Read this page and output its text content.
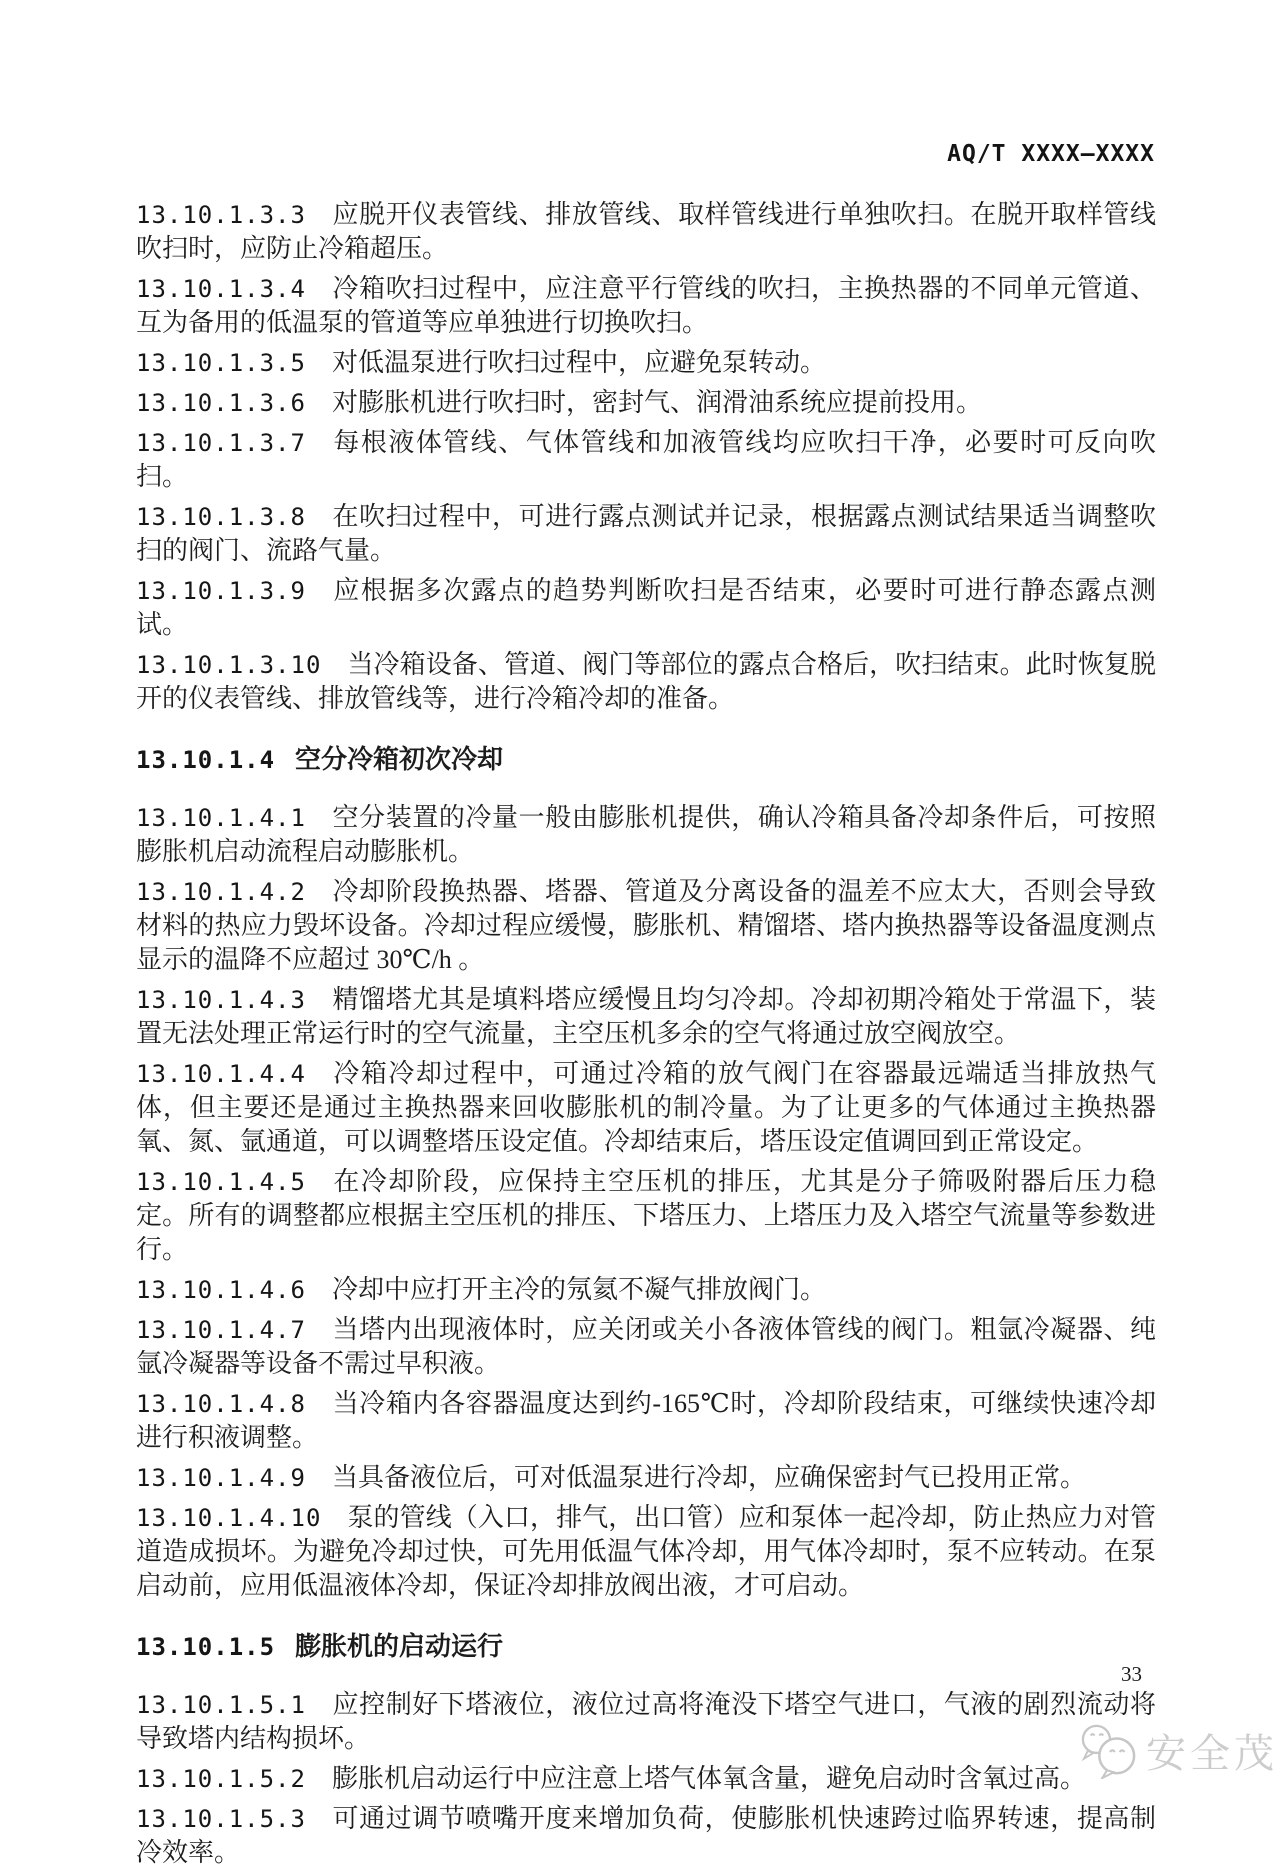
AQ/T XXXX—XXXX

13.10.1.3.3 应脱开仪表管线、排放管线、取样管线进行单独吹扫。在脱开取样管线吹扫时，应防止冷箱超压。

13.10.1.3.4 冷箱吹扫过程中，应注意平行管线的吹扫，主换热器的不同单元管道、互为备用的低温泵的管道等应单独进行切换吹扫。

13.10.1.3.5 对低温泵进行吹扫过程中，应避免泵转动。

13.10.1.3.6 对膨胀机进行吹扫时，密封气、润滑油系统应提前投用。

13.10.1.3.7 每根液体管线、气体管线和加液管线均应吹扫干净，必要时可反向吹扫。

13.10.1.3.8 在吹扫过程中，可进行露点测试并记录，根据露点测试结果适当调整吹扫的阀门、流路气量。

13.10.1.3.9 应根据多次露点的趋势判断吹扫是否结束，必要时可进行静态露点测试。

13.10.1.3.10 当冷箱设备、管道、阀门等部位的露点合格后，吹扫结束。此时恢复脱开的仪表管线、排放管线等，进行冷箱冷却的准备。

13.10.1.4 空分冷箱初次冷却

13.10.1.4.1 空分装置的冷量一般由膨胀机提供，确认冷箱具备冷却条件后，可按照膨胀机启动流程启动膨胀机。

13.10.1.4.2 冷却阶段换热器、塔器、管道及分离设备的温差不应太大，否则会导致材料的热应力毁坏设备。冷却过程应缓慢，膨胀机、精馏塔、塔内换热器等设备温度测点显示的温降不应超过 30℃/h 。

13.10.1.4.3 精馏塔尤其是填料塔应缓慢且均匀冷却。冷却初期冷箱处于常温下，装置无法处理正常运行时的空气流量，主空压机多余的空气将通过放空阀放空。

13.10.1.4.4 冷箱冷却过程中，可通过冷箱的放气阀门在容器最远端适当排放热气体，但主要还是通过主换热器来回收膨胀机的制冷量。为了让更多的气体通过主换热器氧、氮、氩通道，可以调整塔压设定值。冷却结束后，塔压设定值调回到正常设定。

13.10.1.4.5 在冷却阶段，应保持主空压机的排压，尤其是分子筛吸附器后压力稳定。所有的调整都应根据主空压机的排压、下塔压力、上塔压力及入塔空气流量等参数进行。

13.10.1.4.6 冷却中应打开主冷的氖氦不凝气排放阀门。

13.10.1.4.7 当塔内出现液体时，应关闭或关小各液体管线的阀门。粗氩冷凝器、纯氩冷凝器等设备不需过早积液。

13.10.1.4.8 当冷箱内各容器温度达到约-165℃时，冷却阶段结束，可继续快速冷却进行积液调整。

13.10.1.4.9 当具备液位后，可对低温泵进行冷却，应确保密封气已投用正常。

13.10.1.4.10 泵的管线（入口，排气，出口管）应和泵体一起冷却，防止热应力对管道造成损坏。为避免冷却过快，可先用低温气体冷却，用气体冷却时，泵不应转动。在泵启动前，应用低温液体冷却，保证冷却排放阀出液，才可启动。

13.10.1.5 膨胀机的启动运行

13.10.1.5.1 应控制好下塔液位，液位过高将淹没下塔空气进口，气液的剧烈流动将导致塔内结构损坏。

13.10.1.5.2 膨胀机启动运行中应注意上塔气体氧含量，避免启动时含氧过高。

13.10.1.5.3 可通过调节喷嘴开度来增加负荷，使膨胀机快速跨过临界转速，提高制冷效率。

33
安全茂
